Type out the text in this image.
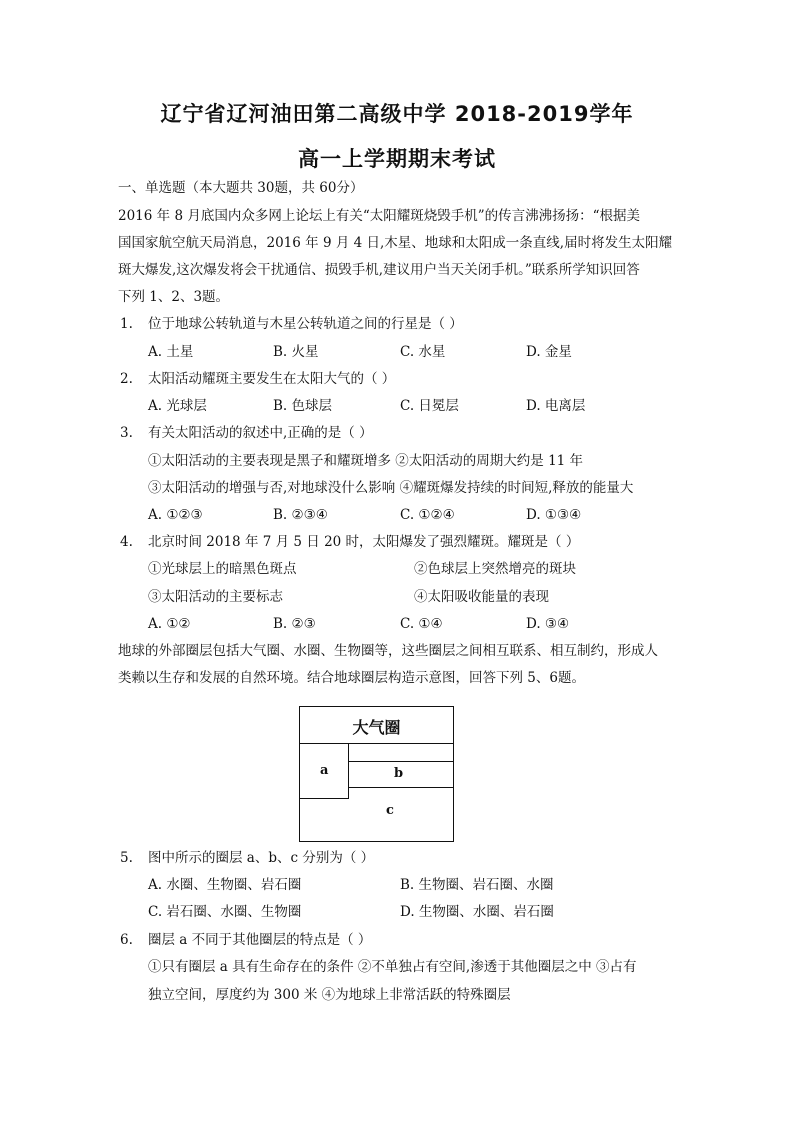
辽宁省辽河油田第二高级中学 2018-2019学年
高一上学期期末考试
一、单选题（本大题共 30题，共 60分）
2016 年 8 月底国内众多网上论坛上有关“太阳耀斑烧毁手机”的传言沸沸扬扬：“根据美
国国家航空航天局消息，2016 年 9 月 4 日,木星、地球和太阳成一条直线,届时将发生太阳耀
斑大爆发,这次爆发将会干扰通信、损毁手机,建议用户当天关闭手机。”联系所学知识回答
下列 1、2、3题。
1. 位于地球公转轨道与木星公转轨道之间的行星是（ ）
A. 土星	B. 火星	C. 水星	D. 金星
2. 太阳活动耀斑主要发生在太阳大气的（ ）
A. 光球层	B. 色球层	C. 日冕层	D. 电离层
3. 有关太阳活动的叙述中,正确的是（ ）
①太阳活动的主要表现是黑子和耀斑增多 ②太阳活动的周期大约是 11 年
③太阳活动的增强与否,对地球没什么影响 ④耀斑爆发持续的时间短,释放的能量大
A. ①②③	B. ②③④	C. ①②④	D. ①③④
4. 北京时间 2018 年 7 月 5 日 20 时，太阳爆发了强烈耀斑。耀斑是（ ）
①光球层上的暗黑色斑点	②色球层上突然增亮的斑块
③太阳活动的主要标志	④太阳吸收能量的表现
A. ①②	B. ②③	C. ①④	D. ③④
地球的外部圈层包括大气圈、水圈、生物圈等，这些圈层之间相互联系、相互制约，形成人
类赖以生存和发展的自然环境。结合地球圈层构造示意图，回答下列 5、6题。
大气圈
a	b
c
5. 图中所示的圈层 a、b、c 分别为（ ）
A. 水圈、生物圈、岩石圈	B. 生物圈、岩石圈、水圈
C. 岩石圈、水圈、生物圈	D. 生物圈、水圈、岩石圈
6. 圈层 a 不同于其他圈层的特点是（ ）
①只有圈层 a 具有生命存在的条件 ②不单独占有空间,渗透于其他圈层之中 ③占有
独立空间，厚度约为 300 米 ④为地球上非常活跃的特殊圈层
